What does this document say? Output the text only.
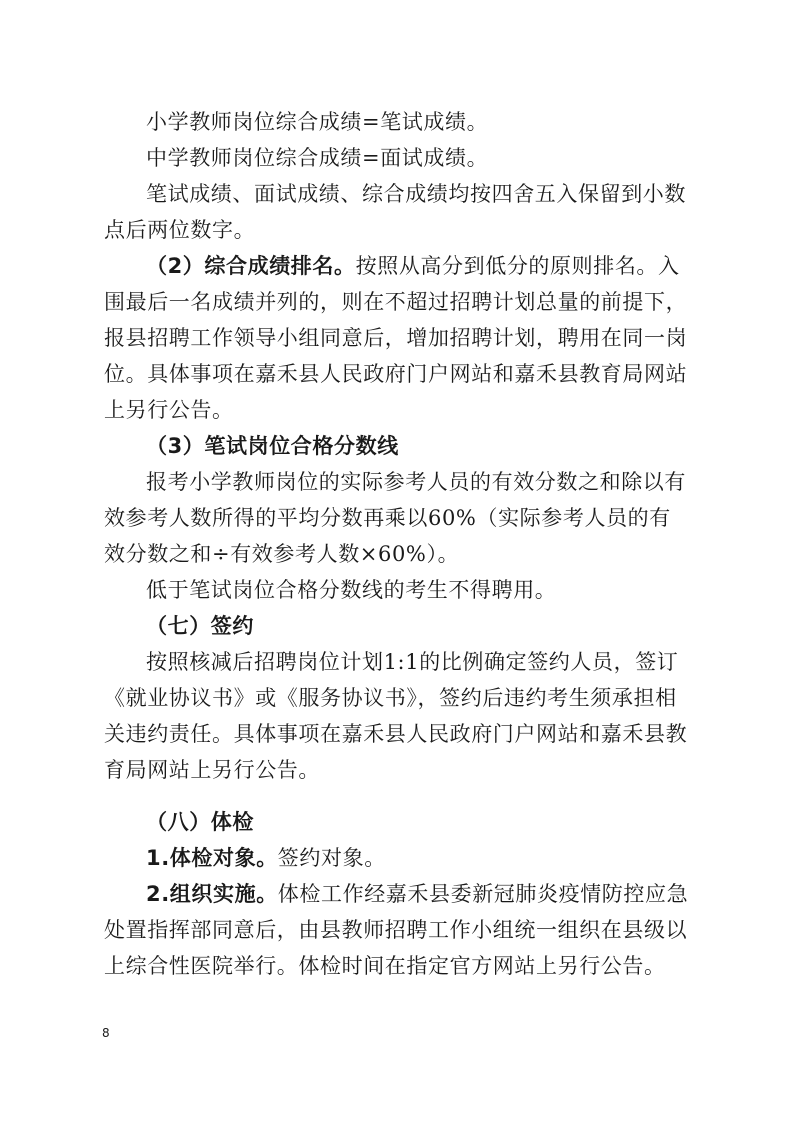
小学教师岗位综合成绩=笔试成绩。

中学教师岗位综合成绩=面试成绩。

笔试成绩、面试成绩、综合成绩均按四舍五入保留到小数点后两位数字。

（2）综合成绩排名。按照从高分到低分的原则排名。入围最后一名成绩并列的，则在不超过招聘计划总量的前提下，报县招聘工作领导小组同意后，增加招聘计划，聘用在同一岗位。具体事项在嘉禾县人民政府门户网站和嘉禾县教育局网站上另行公告。

（3）笔试岗位合格分数线

报考小学教师岗位的实际参考人员的有效分数之和除以有效参考人数所得的平均分数再乘以60%（实际参考人员的有效分数之和÷有效参考人数×60%）。

低于笔试岗位合格分数线的考生不得聘用。

（七）签约

按照核减后招聘岗位计划1:1的比例确定签约人员，签订《就业协议书》或《服务协议书》，签约后违约考生须承担相关违约责任。具体事项在嘉禾县人民政府门户网站和嘉禾县教育局网站上另行公告。

（八）体检

1.体检对象。签约对象。

2.组织实施。体检工作经嘉禾县委新冠肺炎疫情防控应急处置指挥部同意后，由县教师招聘工作小组统一组织在县级以上综合性医院举行。体检时间在指定官方网站上另行公告。

8
